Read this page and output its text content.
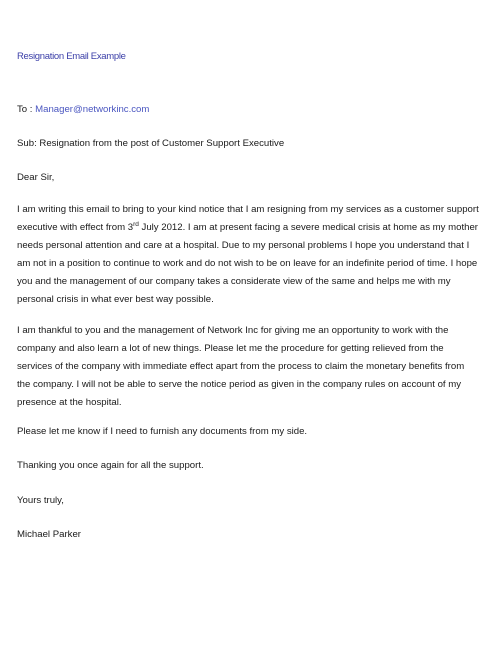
Resignation Email Example
To : Manager@networkinc.com
Sub: Resignation from the post of Customer Support Executive
Dear Sir,
I am writing this email to bring to your kind notice that I am resigning from my services as a customer support
executive with effect from 3rd July 2012. I am at present facing a severe medical crisis at home as my mother
needs personal attention and care at a hospital. Due to my personal problems I hope you understand that I
am not in a position to continue to work and do not wish to be on leave for an indefinite period of time. I hope
you and the management of our company takes a considerate view of the same and helps me with my
personal crisis in what ever best way possible.
I am thankful to you and the management of Network Inc for giving me an opportunity to work with the
company and also learn a lot of new things. Please let me the procedure for getting relieved from the
services of the company with immediate effect apart from the process to claim the monetary benefits from
the company. I will not be able to serve the notice period as given in the company rules on account of my
presence at the hospital.
Please let me know if I need to furnish any documents from my side.
Thanking you once again for all the support.
Yours truly,
Michael Parker
